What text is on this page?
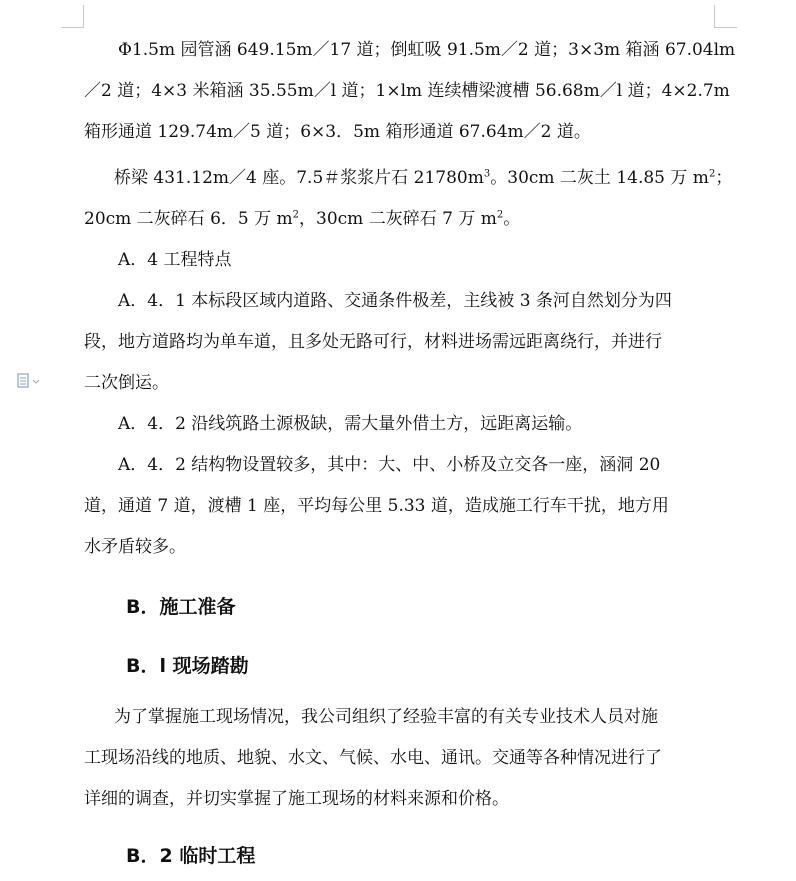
Φ1.5m 园管涵 649.15m／17 道；倒虹吸 91.5m／2 道；3×3m 箱涵 67.04lm

／2 道；4×3 米箱涵 35.55m／l 道；1×lm 连续槽梁渡槽 56.68m／l 道；4×2.7m

箱形通道 129.74m／5 道；6×3．5m 箱形通道 67.64m／2 道。

桥梁 431.12m／4 座。7.5＃浆浆片石 $21780m^3$。30cm 二灰土 14.85 万 $m^2$；

20cm 二灰碎石 6．5 万 $m^2$，30cm 二灰碎石 7 万 $m^2$。

A．4 工程特点

A．4．1 本标段区域内道路、交通条件极差，主线被 3 条河自然划分为四

段，地方道路均为单车道，且多处无路可行，材料进场需远距离绕行，并进行

二次倒运。

A．4．2 沿线筑路土源极缺，需大量外借土方，远距离运输。

A．4．2 结构物设置较多，其中：大、中、小桥及立交各一座，涵洞 20

道，通道 7 道，渡槽 1 座，平均每公里 5.33 道，造成施工行车干扰，地方用

水矛盾较多。

B．施工准备
B．l 现场踏勘

为了掌握施工现场情况，我公司组织了经验丰富的有关专业技术人员对施

工现场沿线的地质、地貌、水文、气候、水电、通讯。交通等各种情况进行了

详细的调查，并切实掌握了施工现场的材料来源和价格。

B．2 临时工程
